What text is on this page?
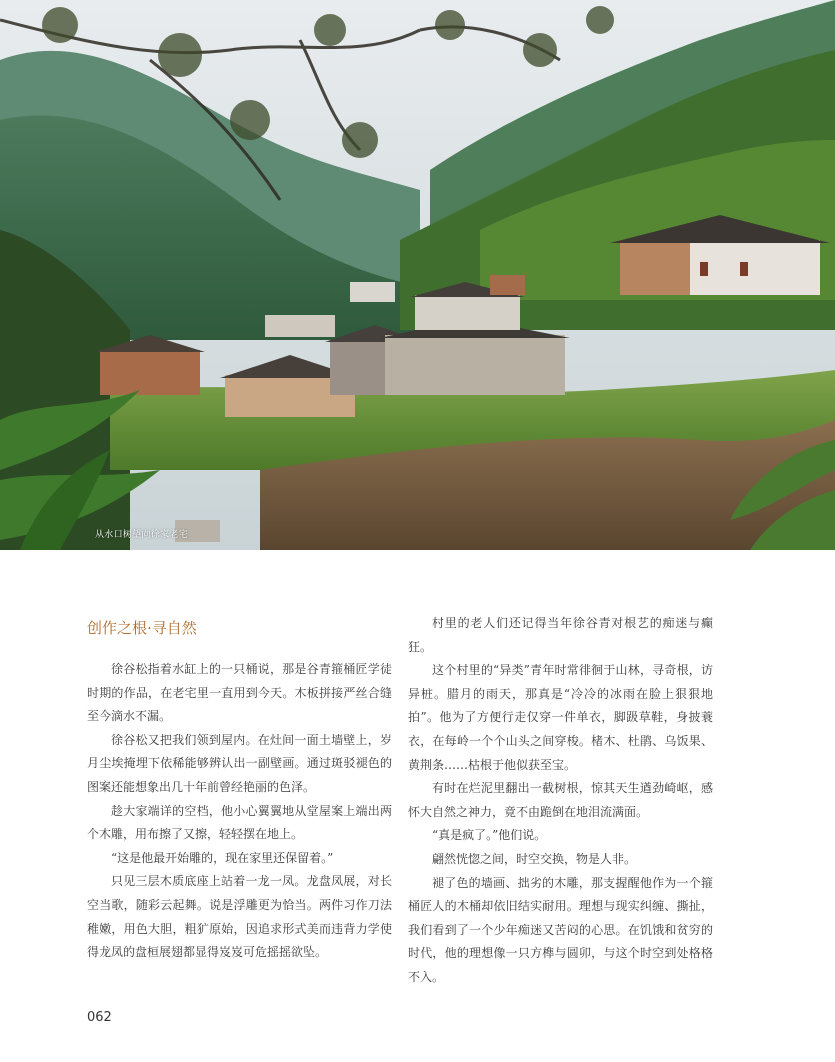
从水口树望向徐家老宅
创作之根·寻自然

徐谷松指着水缸上的一只桶说，那是谷青箍桶匠学徒时期的作品，在老宅里一直用到今天。木板拼接严丝合缝至今滴水不漏。

徐谷松又把我们领到屋内。在灶间一面土墙壁上，岁月尘埃掩埋下依稀能够辨认出一副壁画。通过斑驳褪色的图案还能想象出几十年前曾经艳丽的色泽。

趁大家端详的空档，他小心翼翼地从堂屋案上端出两个木雕，用布擦了又擦，轻轻摆在地上。

“这是他最开始雕的，现在家里还保留着。”

只见三层木质底座上站着一龙一凤。龙盘凤展，对长空当歌，随彩云起舞。说是浮雕更为恰当。两件习作刀法稚嫩，用色大胆，粗犷原始，因追求形式美而违背力学使得龙凤的盘桓展翅都显得岌岌可危摇摇欲坠。

村里的老人们还记得当年徐谷青对根艺的痴迷与癫狂。

这个村里的“异类”青年时常徘徊于山林，寻奇根，访异桩。腊月的雨天，那真是“冷冷的冰雨在脸上狠狠地拍”。他为了方便行走仅穿一件单衣，脚趿草鞋，身披蓑衣，在每岭一个个山头之间穿梭。楮木、杜鹃、乌饭果、黄荆条……枯根于他似获至宝。

有时在烂泥里翻出一截树根，惊其天生遒劲崎岖，感怀大自然之神力，竟不由跪倒在地泪流满面。

“真是疯了。”他们说。

翩然恍惚之间，时空交换，物是人非。

褪了色的墙画、拙劣的木雕，那支握醒他作为一个箍桶匠人的木桶却依旧结实耐用。理想与现实纠缠、撕扯，我们看到了一个少年痴迷又苦闷的心思。在饥饿和贫穷的时代，他的理想像一只方榫与圆卯，与这个时空到处格格不入。

062
